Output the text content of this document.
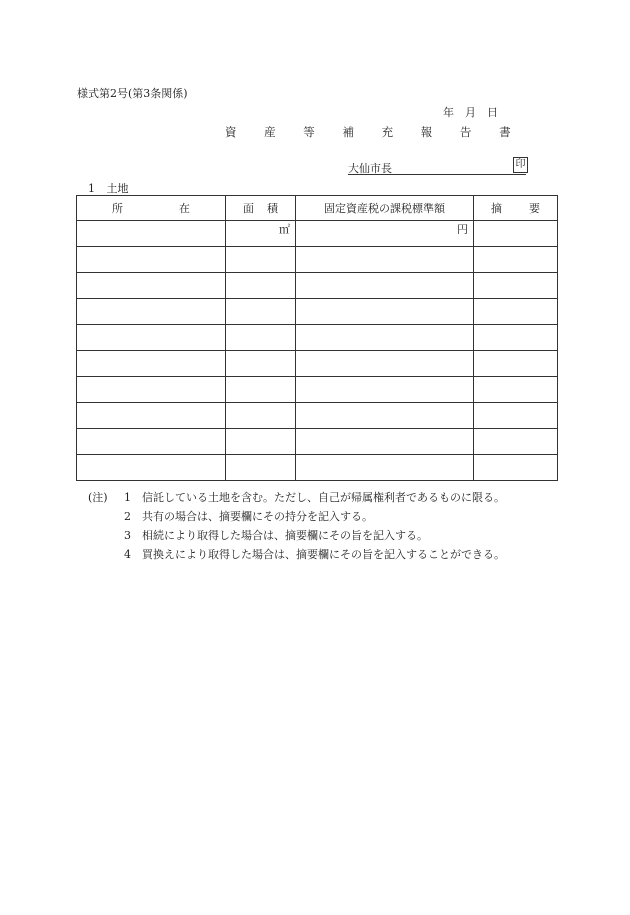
様式第2号(第3条関係)
年　月　日
資 産 等 補 充 報 告 書
大仙市長	印
1 土地
所 在	面 積	固定資産税の課税標準額	摘 要

	㎡	円	

(注)	1	信託している土地を含む。ただし、自己が帰属権利者であるものに限る。
2	共有の場合は、摘要欄にその持分を記入する。
3	相続により取得した場合は、摘要欄にその旨を記入する。
4	買換えにより取得した場合は、摘要欄にその旨を記入することができる。
